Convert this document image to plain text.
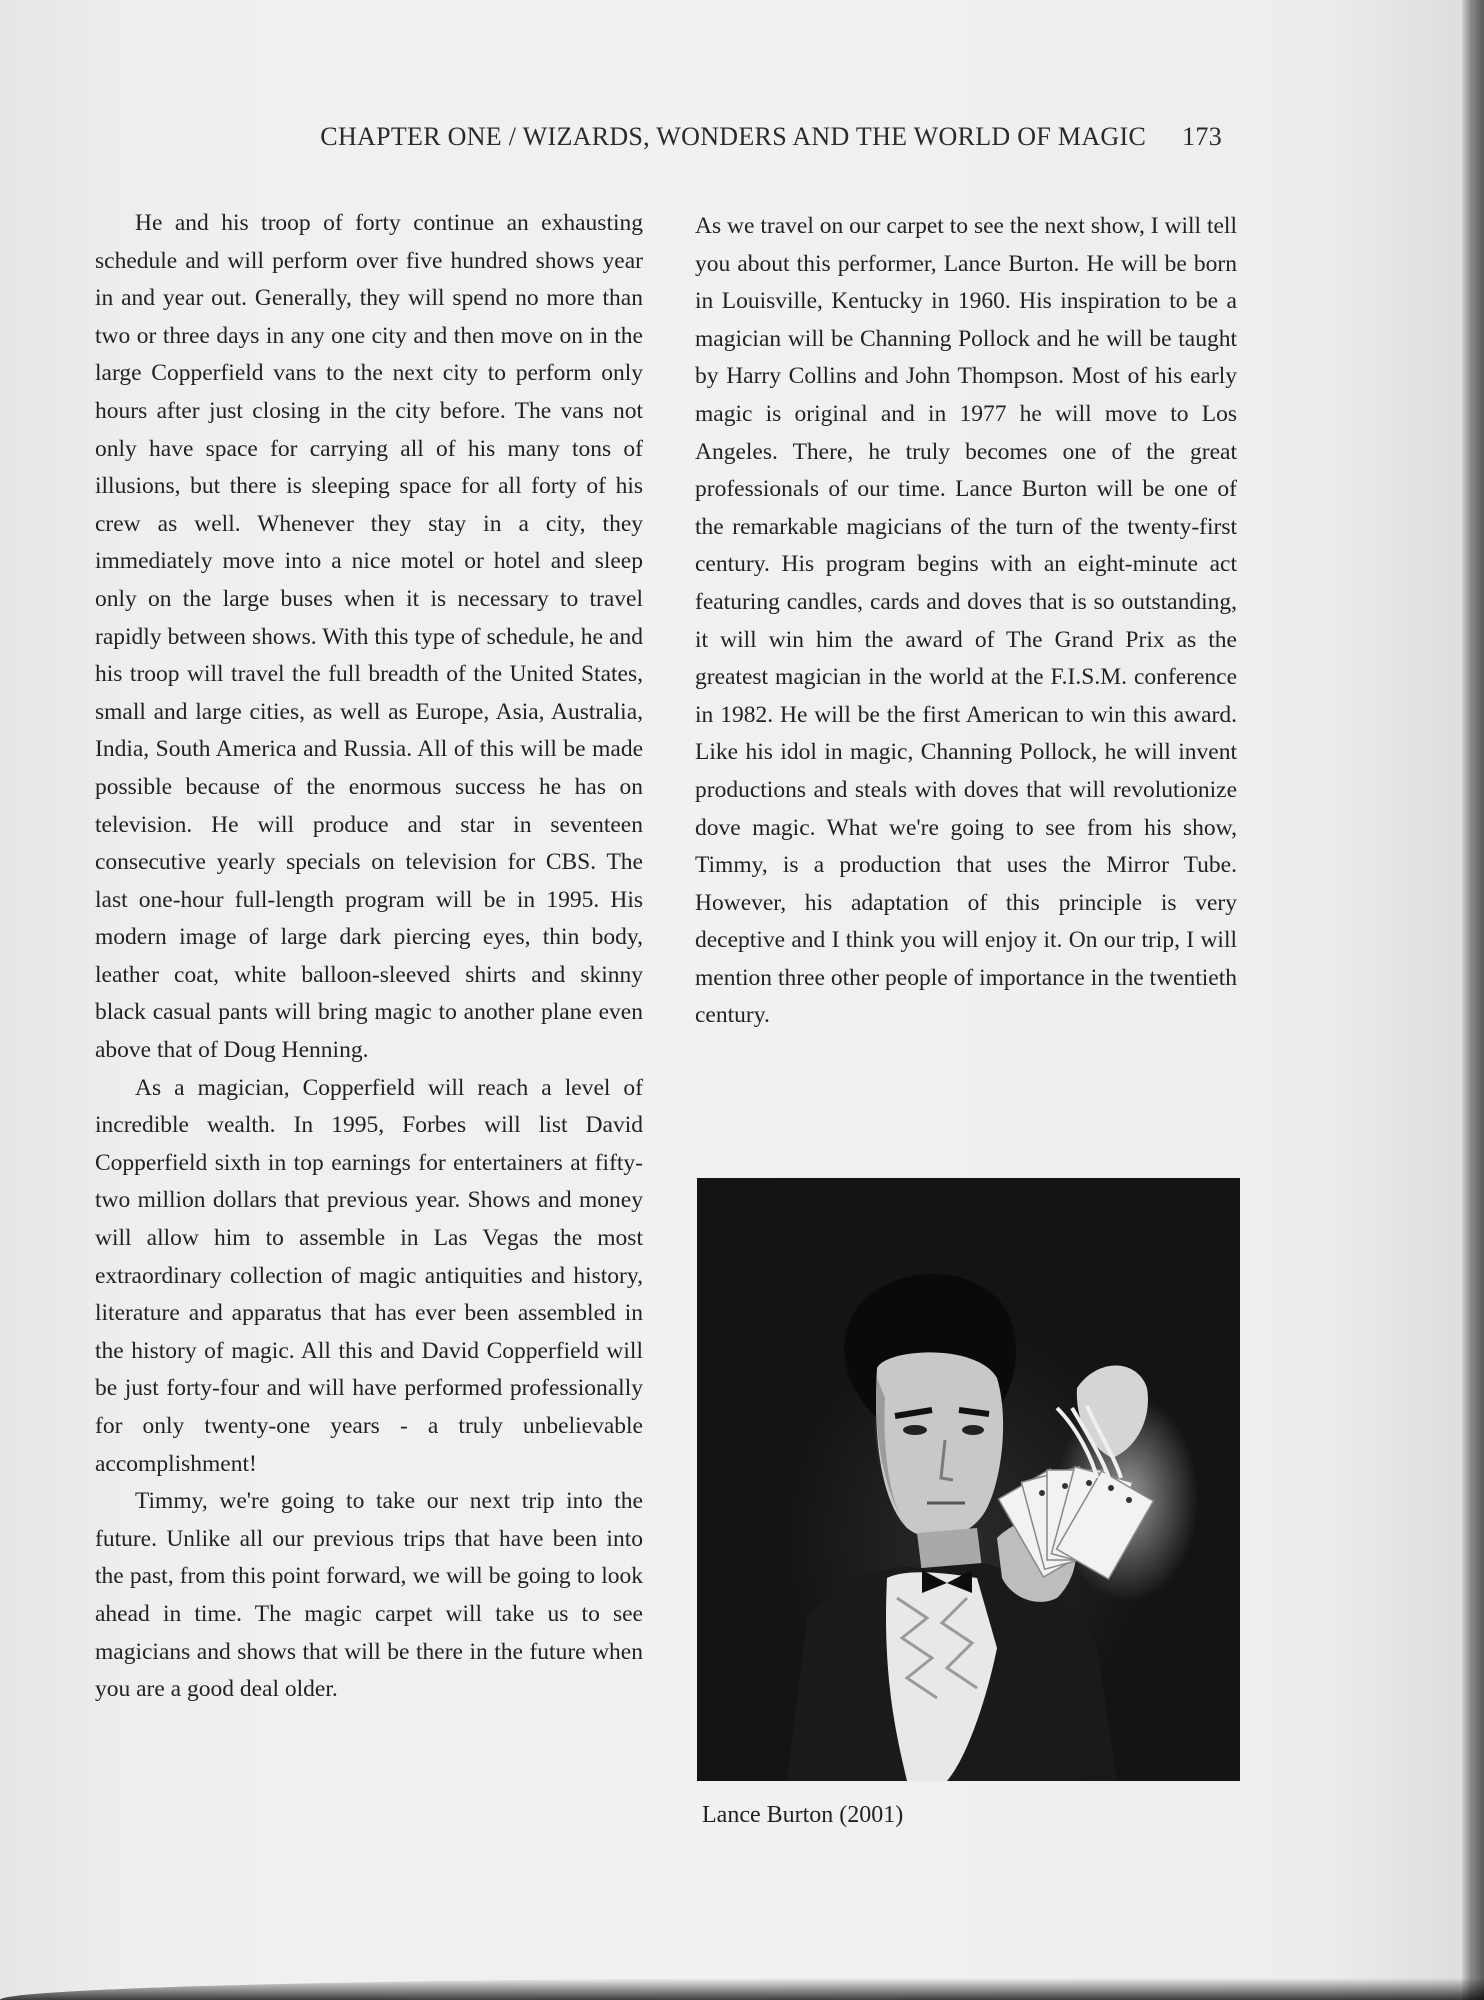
CHAPTER ONE / WIZARDS, WONDERS AND THE WORLD OF MAGIC 173

He and his troop of forty continue an exhausting schedule and will perform over five hundred shows year in and year out. Generally, they will spend no more than two or three days in any one city and then move on in the large Copperfield vans to the next city to perform only hours after just closing in the city before. The vans not only have space for carrying all of his many tons of illusions, but there is sleeping space for all forty of his crew as well. Whenever they stay in a city, they immediately move into a nice motel or hotel and sleep only on the large buses when it is necessary to travel rapidly between shows. With this type of schedule, he and his troop will travel the full breadth of the United States, small and large cities, as well as Europe, Asia, Australia, India, South America and Russia. All of this will be made possible because of the enormous success he has on television. He will produce and star in seventeen consecutive yearly specials on television for CBS. The last one-hour full-length program will be in 1995. His modern image of large dark piercing eyes, thin body, leather coat, white balloon-sleeved shirts and skinny black casual pants will bring magic to another plane even above that of Doug Henning.

As a magician, Copperfield will reach a level of incredible wealth. In 1995, Forbes will list David Copperfield sixth in top earnings for entertainers at fifty-two million dollars that previous year. Shows and money will allow him to assemble in Las Vegas the most extraordinary collection of magic antiquities and history, literature and apparatus that has ever been assembled in the history of magic. All this and David Copperfield will be just forty-four and will have performed professionally for only twenty-one years - a truly unbelievable accomplishment!

Timmy, we're going to take our next trip into the future. Unlike all our previous trips that have been into the past, from this point forward, we will be going to look ahead in time. The magic carpet will take us to see magicians and shows that will be there in the future when you are a good deal older.

As we travel on our carpet to see the next show, I will tell you about this performer, Lance Burton. He will be born in Louisville, Kentucky in 1960. His inspiration to be a magician will be Channing Pollock and he will be taught by Harry Collins and John Thompson. Most of his early magic is original and in 1977 he will move to Los Angeles. There, he truly becomes one of the great professionals of our time. Lance Burton will be one of the remarkable magicians of the turn of the twenty-first century. His program begins with an eight-minute act featuring candles, cards and doves that is so outstanding, it will win him the award of The Grand Prix as the greatest magician in the world at the F.I.S.M. conference in 1982. He will be the first American to win this award. Like his idol in magic, Channing Pollock, he will invent productions and steals with doves that will revolutionize dove magic. What we're going to see from his show, Timmy, is a production that uses the Mirror Tube. However, his adaptation of this principle is very deceptive and I think you will enjoy it. On our trip, I will mention three other people of importance in the twentieth century.

Lance Burton (2001)
